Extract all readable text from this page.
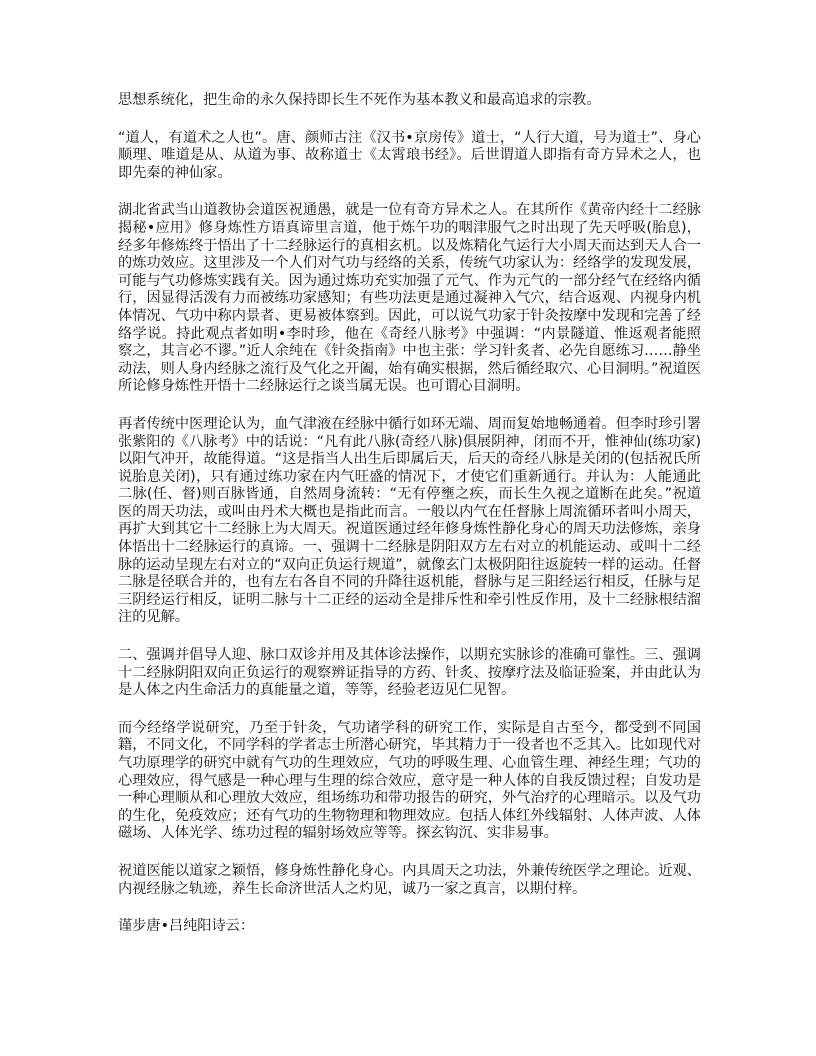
思想系统化，把生命的永久保持即长生不死作为基本教义和最高追求的宗教。

“道人，有道术之人也”。唐、颜师古注《汉书•京房传》道士，“人行大道，号为道士”、身心顺理、唯道是从、从道为事、故称道士《太霄琅书经》。后世谓道人即指有奇方异术之人，也即先秦的神仙家。

湖北省武当山道教协会道医祝通愚，就是一位有奇方异术之人。在其所作《黄帝内经十二经脉揭秘•应用》修身炼性方语真谛里言道，他于炼午功的咽津服气之时出现了先天呼吸(胎息)，经多年修炼终于悟出了十二经脉运行的真相玄机。以及炼精化气运行大小周天而达到天人合一的炼功效应。这里涉及一个人们对气功与经络的关系，传统气功家认为：经络学的发现发展，可能与气功修炼实践有关。因为通过炼功充实加强了元气、作为元气的一部分经气在经络内循行，因显得活泼有力而被练功家感知；有些功法更是通过凝神入气穴，结合返观、内视身内机体情况、气功中称内景者、更易被体察到。因此，可以说气功家于针灸按摩中发现和完善了经络学说。持此观点者如明•李时珍，他在《奇经八脉考》中强调：“内景隧道、惟返观者能照察之，其言必不谬。”近人余纯在《针灸指南》中也主张：学习针炙者、必先自愿练习……静坐动法，则人身内经脉之流行及气化之开阖，始有确实根据，然后循经取穴、心目洞明。”祝道医所论修身炼性开悟十二经脉运行之谈当属无误。也可谓心目洞明。

再者传统中医理论认为，血气津液在经脉中循行如环无端、周而复始地畅通着。但李时珍引署张紫阳的《八脉考》中的话说：“凡有此八脉(奇经八脉)俱展阴神，闭而不开，惟神仙(练功家)以阳气冲开，故能得道。“这是指当人出生后即属后天，后天的奇经八脉是关闭的(包括祝氏所说胎息关闭)，只有通过练功家在内气旺盛的情况下，才使它们重新通行。并认为：人能通此二脉(任、督)则百脉皆通，自然周身流转：“无有停壅之疾，而长生久视之道断在此矣。”祝道医的周天功法，或叫由丹术大概也是指此而言。一般以内气在任督脉上周流循环者叫小周天，再扩大到其它十二经脉上为大周天。祝道医通过经年修身炼性静化身心的周天功法修炼，亲身体悟出十二经脉运行的真谛。一、强调十二经脉是阴阳双方左右对立的机能运动、或叫十二经脉的运动呈现左右对立的“双向正负运行规道”，就像玄门太极阴阳往返旋转一样的运动。任督二脉是径联合并的，也有左右各自不同的升降往返机能，督脉与足三阳经运行相反，任脉与足三阴经运行相反，证明二脉与十二正经的运动全是排斥性和牵引性反作用，及十二经脉根结溜注的见解。

二、强调并倡导人迎、脉口双诊并用及其体诊法操作，以期充实脉诊的准确可靠性。三、强调十二经脉阴阳双向正负运行的观察辨证指导的方药、针炙、按摩疗法及临证验案，并由此认为是人体之内生命活力的真能量之道，等等，经验老迈见仁见智。

而今经络学说研究，乃至于针灸，气功诸学科的研究工作，实际是自古至今，都受到不同国籍，不同文化，不同学科的学者志士所潜心研究，毕其精力于一役者也不乏其入。比如现代对气功原理学的研究中就有气功的生理效应，气功的呼吸生理、心血管生理、神经生理；气功的心理效应，得气感是一种心理与生理的综合效应，意守是一种人体的自我反馈过程；自发功是一种心理顺从和心理放大效应，组场练功和带功报告的研究，外气治疗的心理暗示。以及气功的生化，免疫效应；还有气功的生物物理和物理效应。包括人体红外线辐射、人体声波、人体磁场、人体光学、练功过程的辐射场效应等等。探玄钩沉、实非易事。

祝道医能以道家之颖悟，修身炼性静化身心。内具周天之功法，外兼传统医学之理论。近观、内视经脉之轨迹，养生长命济世活人之灼见，诚乃一家之真言，以期付梓。

谨步唐•吕纯阳诗云：
